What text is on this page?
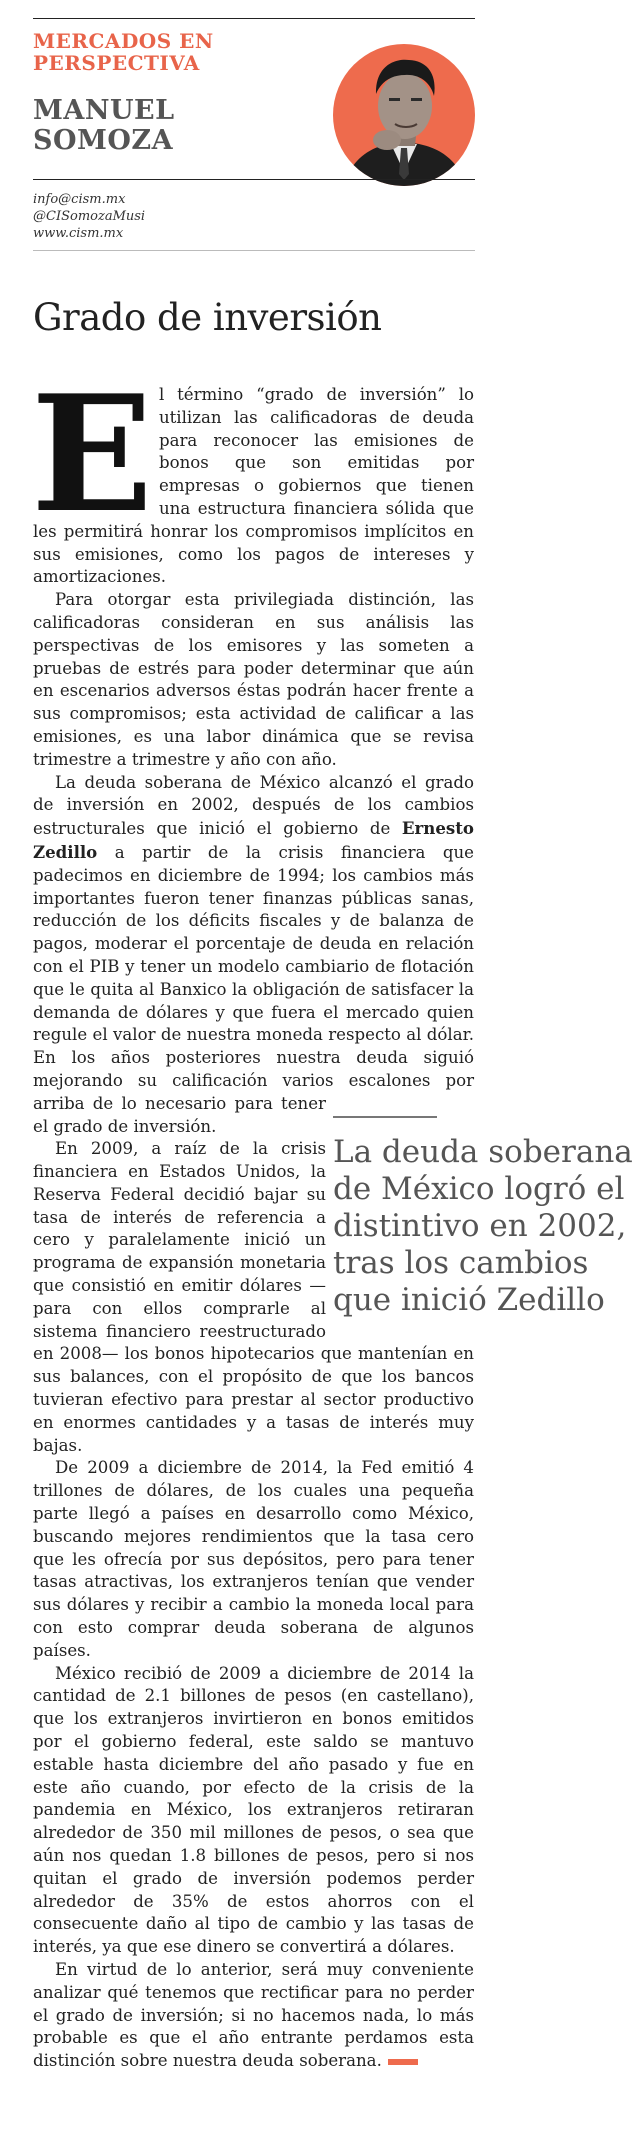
MERCADOS EN
PERSPECTIVA
MANUEL
SOMOZA
info@cism.mx
@CISomozaMusi
www.cism.mx
Grado de inversión

El término “grado de inversión” lo utilizan las calificadoras de deuda para reconocer las emisiones de bonos que son emitidas por empresas o gobiernos que tienen una estructura financiera sólida que les permitirá honrar los compromisos implícitos en sus emisiones, como los pagos de intereses y amortizaciones.

Para otorgar esta privilegiada distinción, las calificadoras consideran en sus análisis las perspectivas de los emisores y las someten a pruebas de estrés para poder determinar que aún en escenarios adversos éstas podrán hacer frente a sus compromisos; esta actividad de calificar a las emisiones, es una labor dinámica que se revisa trimestre a trimestre y año con año.

La deuda soberana de México alcanzó el grado de inversión en 2002, después de los cambios estructurales que inició el gobierno de Ernesto Zedillo a partir de la crisis financiera que padecimos en diciembre de 1994; los cambios más importantes fueron tener finanzas públicas sanas, reducción de los déficits fiscales y de balanza de pagos, moderar el porcentaje de deuda en relación con el PIB y tener un modelo cambiario de flotación que le quita al Banxico la obligación de satisfacer la demanda de dólares y que fuera el mercado quien regule el valor de nuestra moneda respecto al dólar. En los años posteriores nuestra deuda siguió mejorando su calificación varios escalones por arriba de lo necesario para tener el grado de inversión.

En 2009, a raíz de la crisis financiera en Estados Unidos, la Reserva Federal decidió bajar su tasa de interés de referencia a cero y paralelamente inició un programa de expansión monetaria que consistió en emitir dólares —para con ellos comprarle al sistema financiero reestructurado en 2008— los bonos hipotecarios que mantenían en sus balances, con el propósito de que los bancos tuvieran efectivo para prestar al sector productivo en enormes cantidades y a tasas de interés muy bajas.

De 2009 a diciembre de 2014, la Fed emitió 4 trillones de dólares, de los cuales una pequeña parte llegó a países en desarrollo como México, buscando mejores rendimientos que la tasa cero que les ofrecía por sus depósitos, pero para tener tasas atractivas, los extranjeros tenían que vender sus dólares y recibir a cambio la moneda local para con esto comprar deuda soberana de algunos países.

México recibió de 2009 a diciembre de 2014 la cantidad de 2.1 billones de pesos (en castellano), que los extranjeros invirtieron en bonos emitidos por el gobierno federal, este saldo se mantuvo estable hasta diciembre del año pasado y fue en este año cuando, por efecto de la crisis de la pandemia en México, los extranjeros retiraran alrededor de 350 mil millones de pesos, o sea que aún nos quedan 1.8 billones de pesos, pero si nos quitan el grado de inversión podemos perder alrededor de 35% de estos ahorros con el consecuente daño al tipo de cambio y las tasas de interés, ya que ese dinero se convertirá a dólares.

En virtud de lo anterior, será muy conveniente analizar qué tenemos que rectificar para no perder el grado de inversión; si no hacemos nada, lo más probable es que el año entrante perdamos esta distinción sobre nuestra deuda soberana.

La deuda soberana de México logró el distintivo en 2002, tras los cambios que inició Zedillo
